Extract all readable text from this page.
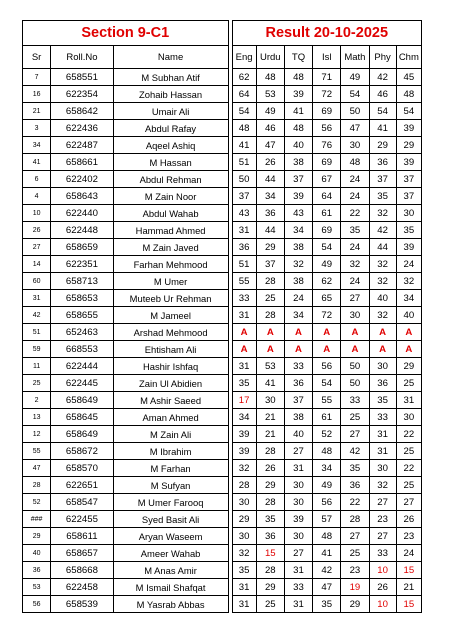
Section 9-C1				Result 20-10-2025						
Sr	Roll.No	Name		Eng	Urdu	TQ	Isl	Math	Phy	Chm
7	658551	M Subhan Atif		62	48	48	71	49	42	45
16	622354	Zohaib Hassan		64	53	39	72	54	46	48
21	658642	Umair Ali		54	49	41	69	50	54	54
3	622436	Abdul Rafay		48	46	48	56	47	41	39
34	622487	Aqeel Ashiq		41	47	40	76	30	29	29
41	658661	M Hassan		51	26	38	69	48	36	39
6	622402	Abdul Rehman		50	44	37	67	24	37	37
4	658643	M Zain Noor		37	34	39	64	24	35	37
10	622440	Abdul Wahab		43	36	43	61	22	32	30
26	622448	Hammad Ahmed		31	44	34	69	35	42	35
27	658659	M Zain Javed		36	29	38	54	24	44	39
14	622351	Farhan Mehmood		51	37	32	49	32	32	24
60	658713	M Umer		55	28	38	62	24	32	32
31	658653	Muteeb Ur Rehman		33	25	24	65	27	40	34
42	658655	M Jameel		31	28	34	72	30	32	40
51	652463	Arshad Mehmood		A	A	A	A	A	A	A
59	668553	Ehtisham Ali		A	A	A	A	A	A	A
11	622444	Hashir Ishfaq		31	53	33	56	50	30	29
25	622445	Zain Ul Abidien		35	41	36	54	50	36	25
2	658649	M Ashir Saeed		17	30	37	55	33	35	31
13	658645	Aman Ahmed		34	21	38	61	25	33	30
12	658649	M Zain Ali		39	21	40	52	27	31	22
55	658672	M Ibrahim		39	28	27	48	42	31	25
47	658570	M Farhan		32	26	31	34	35	30	22
28	622651	M Sufyan		28	29	30	49	36	32	25
52	658547	M Umer Farooq		30	28	30	56	22	27	27
###	622455	Syed Basit Ali		29	35	39	57	28	23	26
29	658611	Aryan Waseem		30	36	30	48	27	27	23
40	658657	Ameer Wahab		32	15	27	41	25	33	24
36	658668	M Anas Amir		35	28	31	42	23	10	15
53	622458	M Ismail Shafqat		31	29	33	47	19	26	21
56	658539	M Yasrab Abbas		31	25	31	35	29	10	15
